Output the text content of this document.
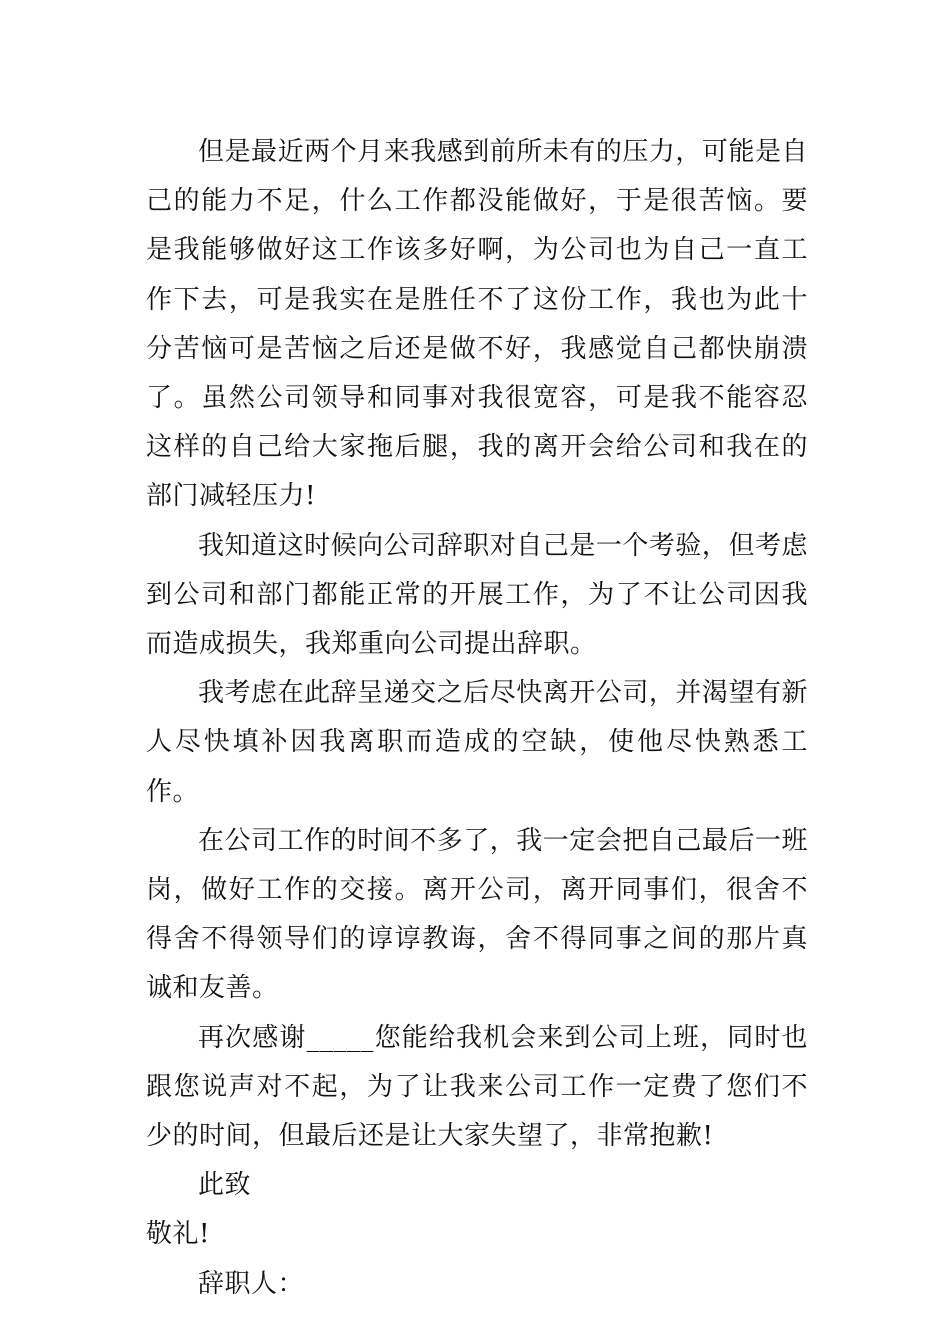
但是最近两个月来我感到前所未有的压力，可能是自己的能力不足，什么工作都没能做好，于是很苦恼。要是我能够做好这工作该多好啊，为公司也为自己一直工作下去，可是我实在是胜任不了这份工作，我也为此十分苦恼可是苦恼之后还是做不好，我感觉自己都快崩溃了。虽然公司领导和同事对我很宽容，可是我不能容忍这样的自己给大家拖后腿，我的离开会给公司和我在的部门减轻压力!

我知道这时候向公司辞职对自己是一个考验，但考虑到公司和部门都能正常的开展工作，为了不让公司因我而造成损失，我郑重向公司提出辞职。

我考虑在此辞呈递交之后尽快离开公司，并渴望有新人尽快填补因我离职而造成的空缺，使他尽快熟悉工作。

在公司工作的时间不多了，我一定会把自己最后一班岗，做好工作的交接。离开公司，离开同事们，很舍不得舍不得领导们的谆谆教诲，舍不得同事之间的那片真诚和友善。

再次感谢_____您能给我机会来到公司上班，同时也跟您说声对不起，为了让我来公司工作一定费了您们不少的时间，但最后还是让大家失望了，非常抱歉!

此致

敬礼!

辞职人：
